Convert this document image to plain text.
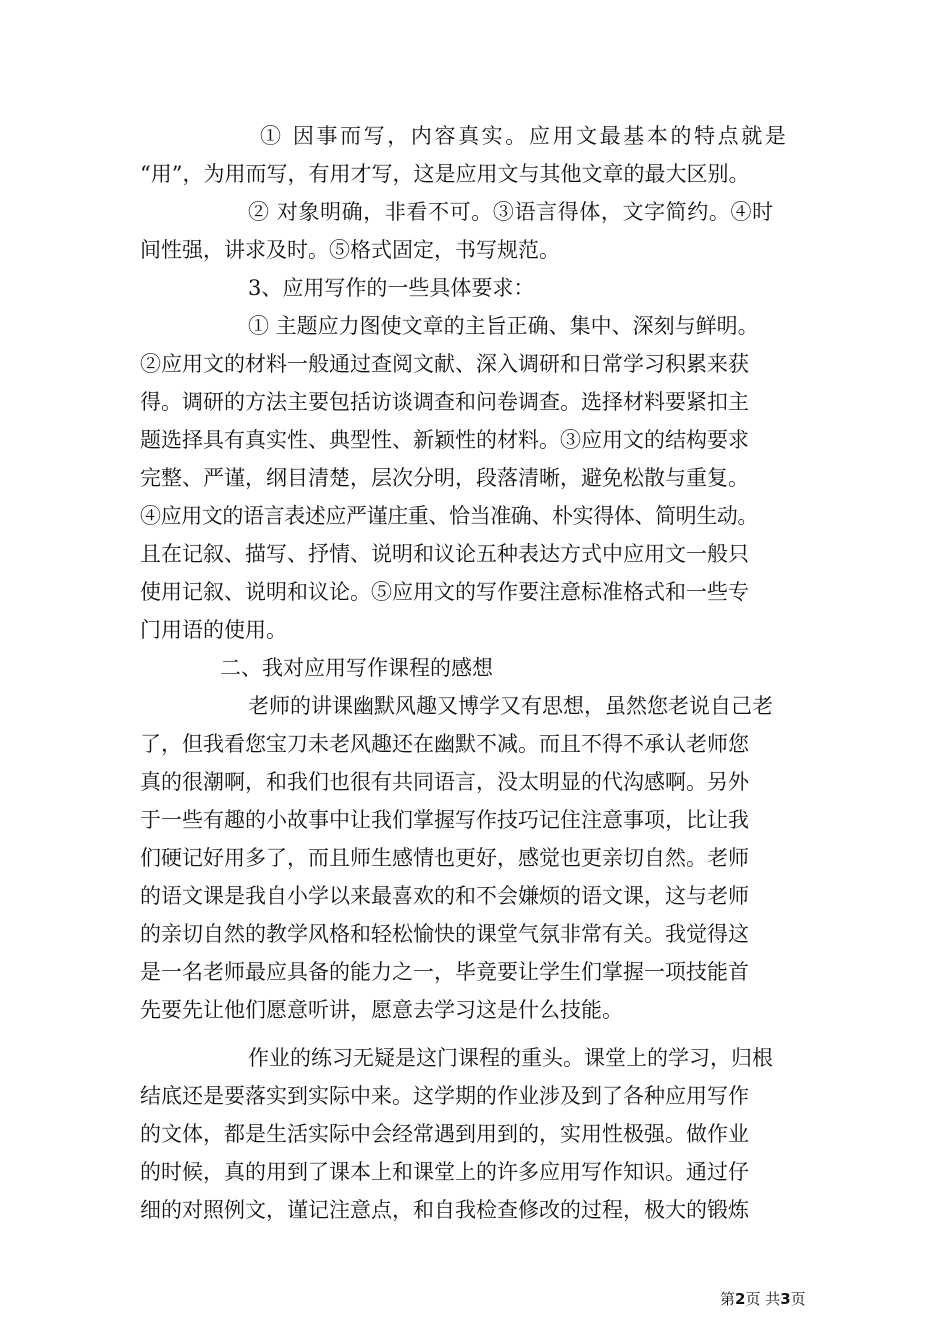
① 因事而写，内容真实。应用文最基本的特点就是
“用”，为用而写，有用才写，这是应用文与其他文章的最大区别。
② 对象明确，非看不可。③语言得体，文字简约。④时
间性强，讲求及时。⑤格式固定，书写规范。
3、应用写作的一些具体要求：
① 主题应力图使文章的主旨正确、集中、深刻与鲜明。
②应用文的材料一般通过查阅文献、深入调研和日常学习积累来获
得。调研的方法主要包括访谈调查和问卷调查。选择材料要紧扣主
题选择具有真实性、典型性、新颖性的材料。③应用文的结构要求
完整、严谨，纲目清楚，层次分明，段落清晰，避免松散与重复。
④应用文的语言表述应严谨庄重、恰当准确、朴实得体、简明生动。
且在记叙、描写、抒情、说明和议论五种表达方式中应用文一般只
使用记叙、说明和议论。⑤应用文的写作要注意标准格式和一些专
门用语的使用。
二、我对应用写作课程的感想
老师的讲课幽默风趣又博学又有思想，虽然您老说自己老
了，但我看您宝刀未老风趣还在幽默不减。而且不得不承认老师您
真的很潮啊，和我们也很有共同语言，没太明显的代沟感啊。另外
于一些有趣的小故事中让我们掌握写作技巧记住注意事项，比让我
们硬记好用多了，而且师生感情也更好，感觉也更亲切自然。老师
的语文课是我自小学以来最喜欢的和不会嫌烦的语文课，这与老师
的亲切自然的教学风格和轻松愉快的课堂气氛非常有关。我觉得这
是一名老师最应具备的能力之一，毕竟要让学生们掌握一项技能首
先要先让他们愿意听讲，愿意去学习这是什么技能。
作业的练习无疑是这门课程的重头。课堂上的学习，归根
结底还是要落实到实际中来。这学期的作业涉及到了各种应用写作
的文体，都是生活实际中会经常遇到用到的，实用性极强。做作业
的时候，真的用到了课本上和课堂上的许多应用写作知识。通过仔
细的对照例文，谨记注意点，和自我检查修改的过程，极大的锻炼
第2页 共3页
